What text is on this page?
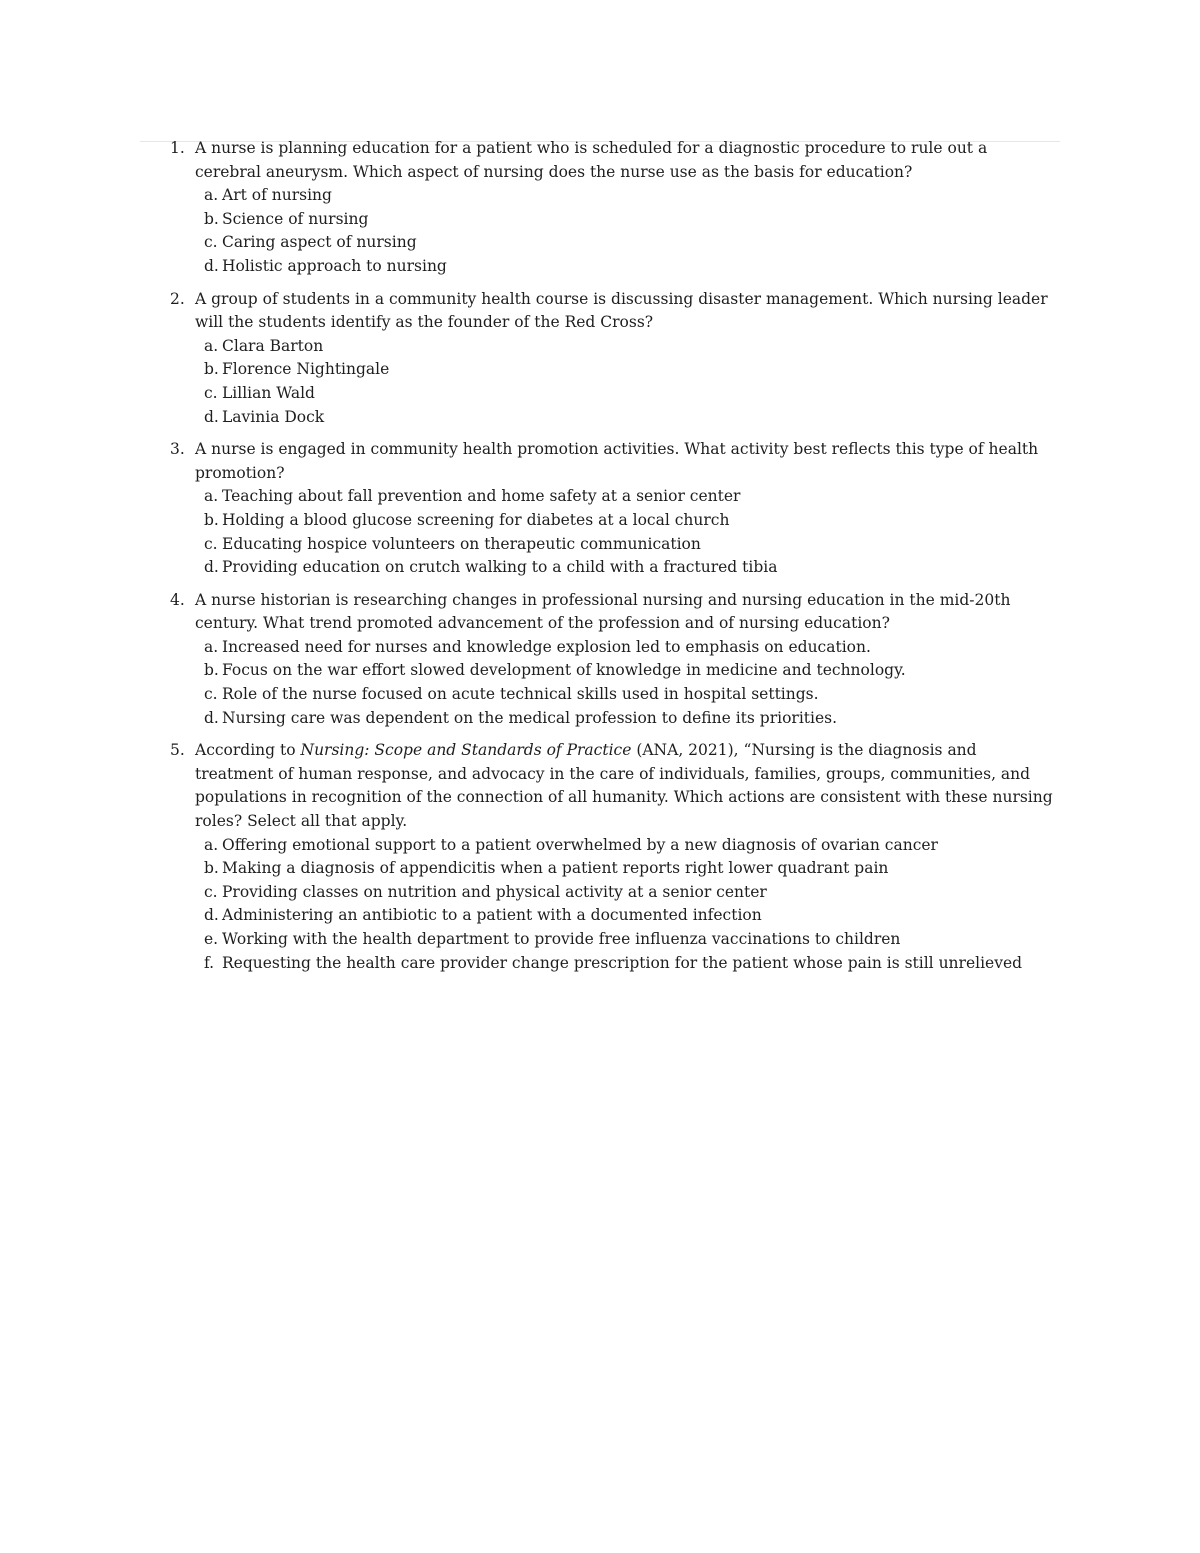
1. A nurse is planning education for a patient who is scheduled for a diagnostic procedure to rule out a cerebral aneurysm. Which aspect of nursing does the nurse use as the basis for education?
a. Art of nursing
b. Science of nursing
c. Caring aspect of nursing
d. Holistic approach to nursing
2. A group of students in a community health course is discussing disaster management. Which nursing leader will the students identify as the founder of the Red Cross?
a. Clara Barton
b. Florence Nightingale
c. Lillian Wald
d. Lavinia Dock
3. A nurse is engaged in community health promotion activities. What activity best reflects this type of health promotion?
a. Teaching about fall prevention and home safety at a senior center
b. Holding a blood glucose screening for diabetes at a local church
c. Educating hospice volunteers on therapeutic communication
d. Providing education on crutch walking to a child with a fractured tibia
4. A nurse historian is researching changes in professional nursing and nursing education in the mid-20th century. What trend promoted advancement of the profession and of nursing education?
a. Increased need for nurses and knowledge explosion led to emphasis on education.
b. Focus on the war effort slowed development of knowledge in medicine and technology.
c. Role of the nurse focused on acute technical skills used in hospital settings.
d. Nursing care was dependent on the medical profession to define its priorities.
5. According to Nursing: Scope and Standards of Practice (ANA, 2021), “Nursing is the diagnosis and treatment of human response, and advocacy in the care of individuals, families, groups, communities, and populations in recognition of the connection of all humanity. Which actions are consistent with these nursing roles? Select all that apply.
a. Offering emotional support to a patient overwhelmed by a new diagnosis of ovarian cancer
b. Making a diagnosis of appendicitis when a patient reports right lower quadrant pain
c. Providing classes on nutrition and physical activity at a senior center
d. Administering an antibiotic to a patient with a documented infection
e. Working with the health department to provide free influenza vaccinations to children
f. Requesting the health care provider change prescription for the patient whose pain is still unrelieved
